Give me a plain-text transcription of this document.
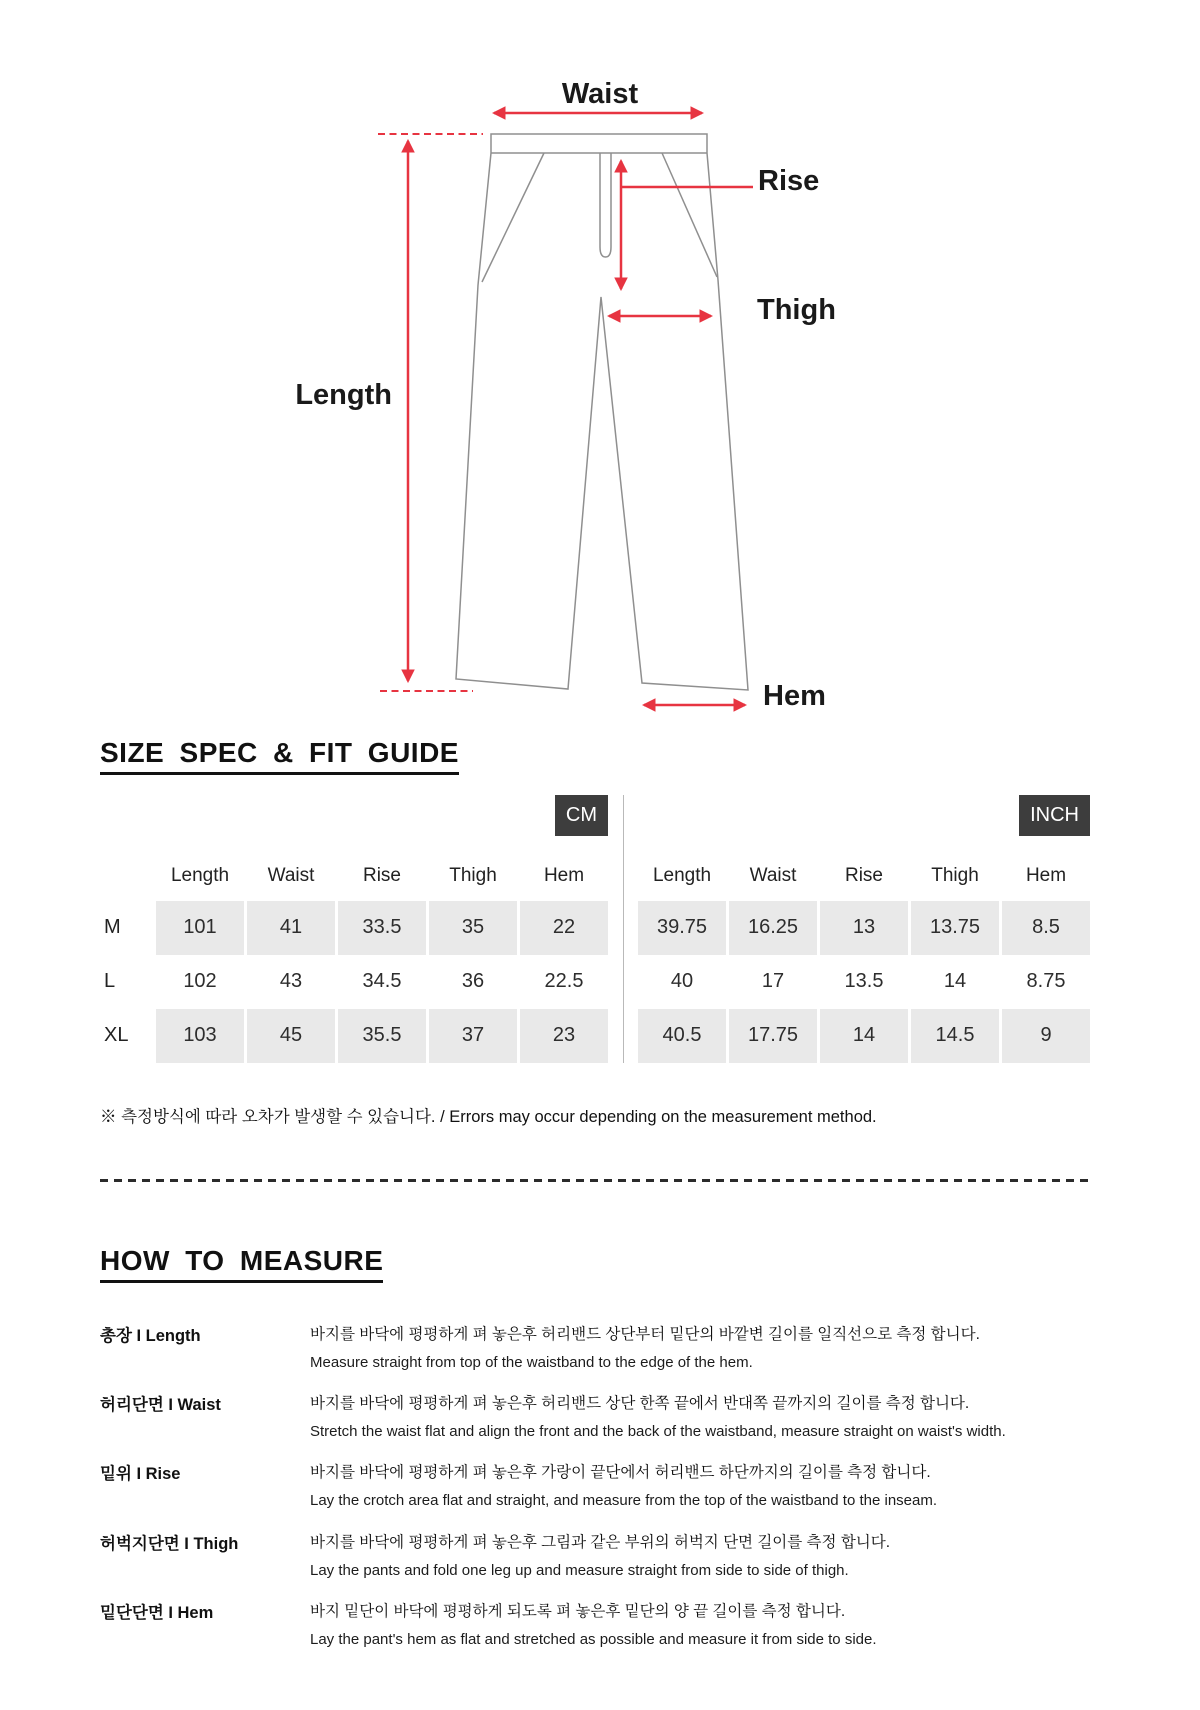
Waist
Rise
Thigh
Length
Hem
SIZE SPEC & FIT GUIDE
CM	INCH
Length	Waist	Rise	Thigh	Hem	Length	Waist	Rise	Thigh	Hem
M	101	41	33.5	35	22	39.75	16.25	13	13.75	8.5
L	102	43	34.5	36	22.5	40	17	13.5	14	8.75
XL	103	45	35.5	37	23	40.5	17.75	14	14.5	9
※ 측정방식에 따라 오차가 발생할 수 있습니다. / Errors may occur depending on the measurement method.
HOW TO MEASURE
총장 I Length	바지를 바닥에 평평하게 펴 놓은후 허리밴드 상단부터 밑단의 바깥변 길이를 일직선으로 측정 합니다.
Measure straight from top of the waistband to the edge of the hem.
허리단면 I Waist	바지를 바닥에 평평하게 펴 놓은후 허리밴드 상단 한쪽 끝에서 반대쪽 끝까지의 길이를 측정 합니다.
Stretch the waist flat and align the front and the back of the waistband, measure straight on waist's width.
밑위 I Rise	바지를 바닥에 평평하게 펴 놓은후 가랑이 끝단에서 허리밴드 하단까지의 길이를 측정 합니다.
Lay the crotch area flat and straight, and measure from the top of the waistband to the inseam.
허벅지단면 I Thigh	바지를 바닥에 평평하게 펴 놓은후 그림과 같은 부위의 허벅지 단면 길이를 측정 합니다.
Lay the pants and fold one leg up and measure straight from side to side of thigh.
밑단단면 I Hem	바지 밑단이 바닥에 평평하게 되도록 펴 놓은후 밑단의 양 끝 길이를 측정 합니다.
Lay the pant's hem as flat and stretched as possible and measure it from side to side.
